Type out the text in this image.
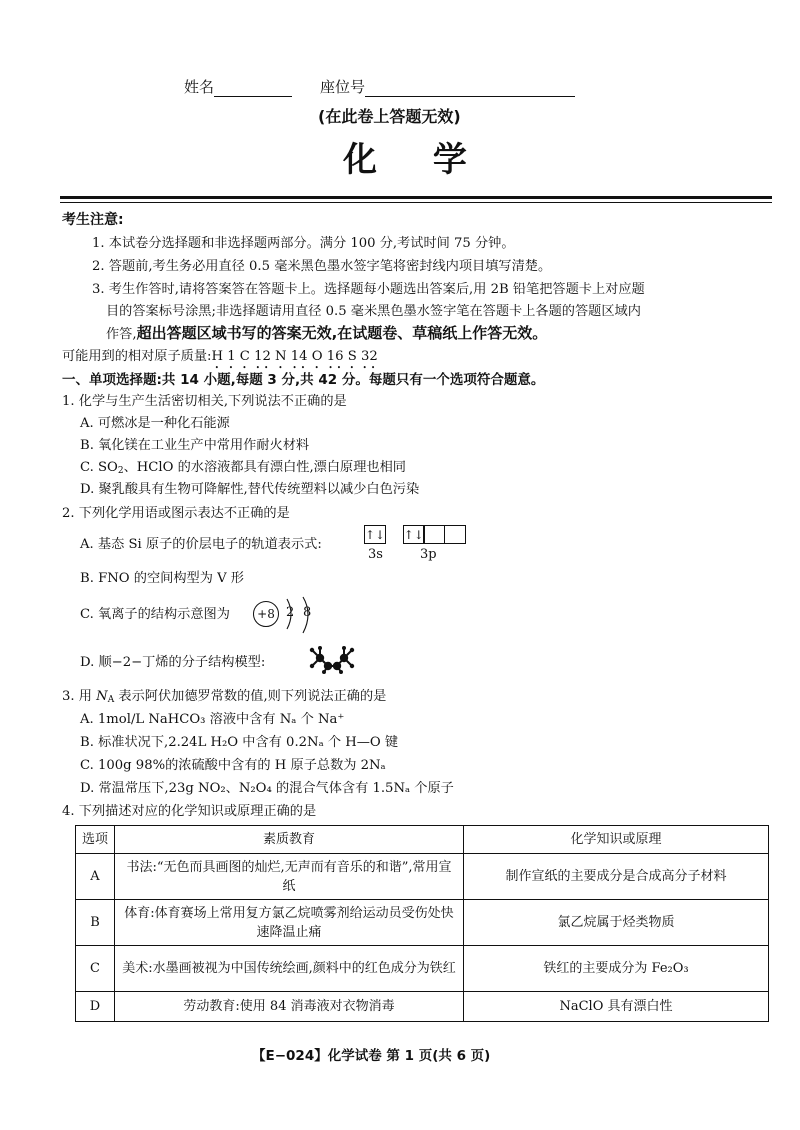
姓名	座位号
(在此卷上答题无效)
化 学
考生注意:
1. 本试卷分选择题和非选择题两部分。满分 100 分,考试时间 75 分钟。
2. 答题前,考生务必用直径 0.5 毫米黑色墨水签字笔将密封线内项目填写清楚。
3. 考生作答时,请将答案答在答题卡上。选择题每小题选出答案后,用 2B 铅笔把答题卡上对应题
目的答案标号涂黑;非选择题请用直径 0.5 毫米黑色墨水签字笔在答题卡上各题的答题区域内
作答,超出答题区域书写的答案无效,在试题卷、草稿纸上作答无效。
可能用到的相对原子质量:H 1 C 12 N 14 O 16 S 32
一、单项选择题:共 14 小题,每题 3 分,共 42 分。每题只有一个选项符合题意。
1. 化学与生产生活密切相关,下列说法不正确的是
A. 可燃冰是一种化石能源
B. 氧化镁在工业生产中常用作耐火材料
C. $SO_2$、HClO 的水溶液都具有漂白性,漂白原理也相同
D. 聚乳酸具有生物可降解性,替代传统塑料以减少白色污染
2. 下列化学用语或图示表达不正确的是
A. 基态 Si 原子的价层电子的轨道表示式:
↑↓ ↑↓
3s	3p
B. FNO 的空间构型为 V 形
C. 氧离子的结构示意图为	+8 2 8
D. 顺−2−丁烯的分子结构模型:
3. 用 $N_A$ 表示阿伏加德罗常数的值,则下列说法正确的是
A. 1mol/L NaHCO₃ 溶液中含有 Nₐ 个 Na⁺
B. 标准状况下,2.24L H₂O 中含有 0.2Nₐ 个 H—O 键
C. 100g 98%的浓硫酸中含有的 H 原子总数为 2Nₐ
D. 常温常压下,23g NO₂、N₂O₄ 的混合气体含有 1.5Nₐ 个原子
4. 下列描述对应的化学知识或原理正确的是
选项	素质教育	化学知识或原理
A	书法:“无色而具画图的灿烂,无声而有音乐的和谐”,常用宣纸	制作宣纸的主要成分是合成高分子材料
B	体育:体育赛场上常用复方氯乙烷喷雾剂给运动员受伤处快速降温止痛	氯乙烷属于烃类物质
C	美术:水墨画被视为中国传统绘画,颜料中的红色成分为铁红	铁红的主要成分为 Fe₂O₃
D	劳动教育:使用 84 消毒液对衣物消毒	NaClO 具有漂白性
【E−024】化学试卷 第 1 页(共 6 页)
